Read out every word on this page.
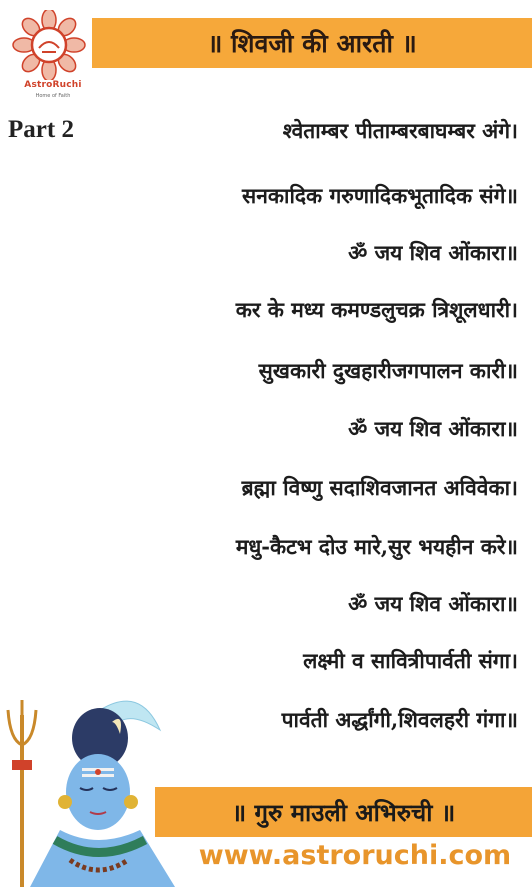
॥ शिवजी की आरती ॥
AstroRuchi
Home of Faith
Part 2	श्वेताम्बर पीताम्बरबाघम्बर अंगे।
सनकादिक गरुणादिकभूतादिक संगे॥
ॐ जय शिव ओंकारा॥
कर के मध्य कमण्डलुचक्र त्रिशूलधारी।
सुखकारी दुखहारीजगपालन कारी॥
ॐ जय शिव ओंकारा॥
ब्रह्मा विष्णु सदाशिवजानत अविवेका।
मधु-कैटभ दोउ मारे,सुर भयहीन करे॥
ॐ जय शिव ओंकारा॥
लक्ष्मी व सावित्रीपार्वती संगा।
पार्वती अर्द्धांगी,शिवलहरी गंगा॥
॥ गुरु माउली अभिरुची ॥
www.astroruchi.com
